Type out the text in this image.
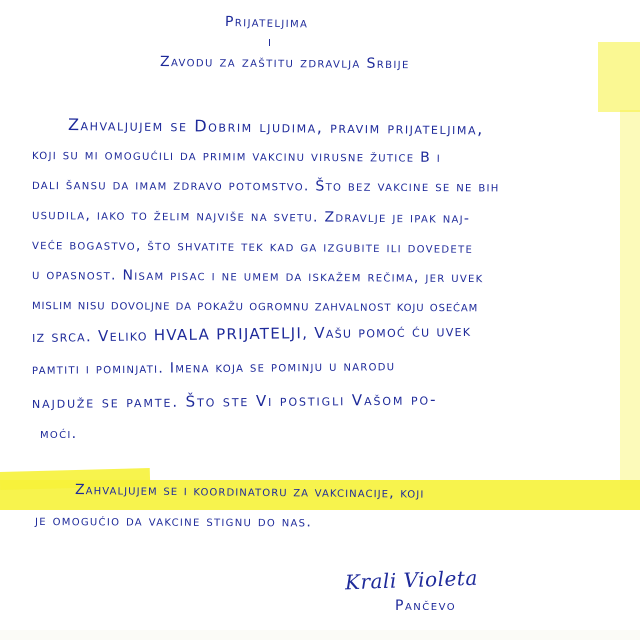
Prijateljima
i
Zavodu za zaštitu zdravlja Srbije
Zahvaljujem se Dobrim ljudima, pravim prijateljima,
koji su mi omogućili da primim vakcinu virusne žutice B i
dali šansu da imam zdravo potomstvo. Što bez vakcine se ne bih
usudila, iako to želim najviše na svetu. Zdravlje je ipak naj-
veće bogastvo, što shvatite tek kad ga izgubite ili dovedete
u opasnost. Nisam pisac i ne umem da iskažem rečima, jer uvek
mislim nisu dovoljne da pokažu ogromnu zahvalnost koju osećam
iz srca. Veliko HVALA PRIJATELJI, Vašu pomoć ću uvek
pamtiti i pominjati. Imena koja se pominju u narodu
najduže se pamte. Što ste Vi postigli Vašom po-
moći.
Zahvaljujem se i koordinatoru za vakcinacije, koji
je omogućio da vakcine stignu do nas.
Krali Violeta
Pančevo
